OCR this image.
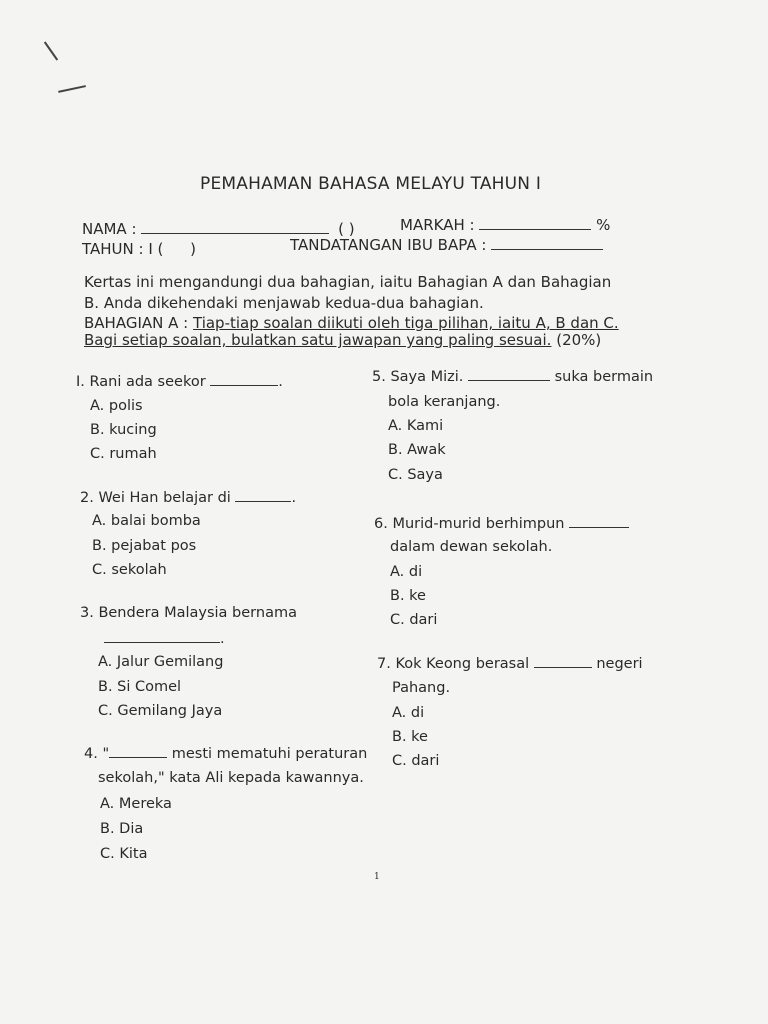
PEMAHAMAN BAHASA MELAYU TAHUN I
NAMA :	( )	MARKAH :	%
TAHUN : I ( )	TANDATANGAN IBU BAPA :
Kertas ini mengandungi dua bahagian, iaitu Bahagian A dan Bahagian
B. Anda dikehendaki menjawab kedua-dua bahagian.
BAHAGIAN A : Tiap-tiap soalan diikuti oleh tiga pilihan, iaitu A, B dan C.
Bagi setiap soalan, bulatkan satu jawapan yang paling sesuai. (20%)
I. Rani ada seekor	.
A. polis
B. kucing
C. rumah
2. Wei Han belajar di	.
A. balai bomba
B. pejabat pos
C. sekolah
3. Bendera Malaysia bernama
.
A. Jalur Gemilang
B. Si Comel
C. Gemilang Jaya
4. "	mesti mematuhi peraturan
sekolah," kata Ali kepada kawannya.
A. Mereka
B. Dia
C. Kita
5. Saya Mizi.	suka bermain
bola keranjang.
A. Kami
B. Awak
C. Saya
6. Murid-murid berhimpun
dalam dewan sekolah.
A. di
B. ke
C. dari
7. Kok Keong berasal	negeri
Pahang.
A. di
B. ke
C. dari
1
